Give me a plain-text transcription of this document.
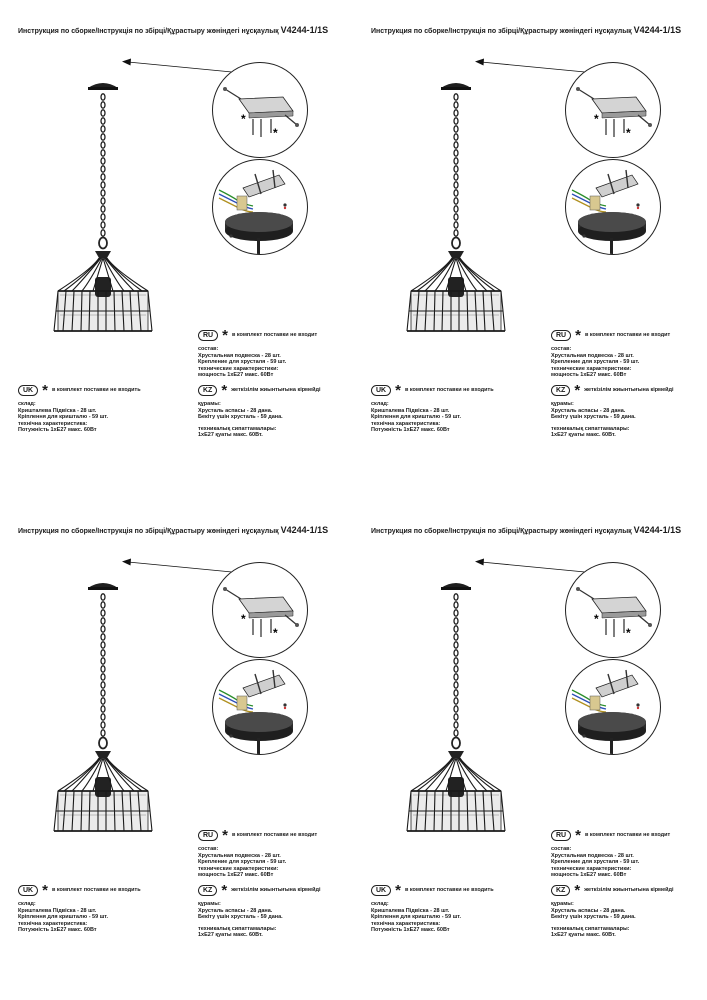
Инструкция по сборке/Інструкція по збірці/Құрастыру жөніндегі нұсқаулық V4244-1/1S
*
*
RU * в комплект поставки не входит
состав:
Хрустальная подвеска - 28 шт.
Крепление для хрусталя - 59 шт.
технические характеристики:
мощность 1xE27 макс. 60Вт
UK * в комплект поставки не входить
склад:
Кришталева Підвіска - 28 шт.
Кріплення для кришталю - 59 шт.
технічна характеристика:
Потужність 1xE27 макс. 60Вт
KZ * жеткізілім жиынтығына кірмейді
құрамы:
Хрусталь аспасы - 28 дана.
Бекіту үшін хрусталь - 59 дана.
техникалық сипаттамалары:
1xE27 қуаты макс. 60Вт.
Инструкция по сборке/Інструкція по збірці/Құрастыру жөніндегі нұсқаулық V4244-1/1S
*
*
RU * в комплект поставки не входит
состав:
Хрустальная подвеска - 28 шт.
Крепление для хрусталя - 59 шт.
технические характеристики:
мощность 1xE27 макс. 60Вт
UK * в комплект поставки не входить
склад:
Кришталева Підвіска - 28 шт.
Кріплення для кришталю - 59 шт.
технічна характеристика:
Потужність 1xE27 макс. 60Вт
KZ * жеткізілім жиынтығына кірмейді
құрамы:
Хрусталь аспасы - 28 дана.
Бекіту үшін хрусталь - 59 дана.
техникалық сипаттамалары:
1xE27 қуаты макс. 60Вт.
Инструкция по сборке/Інструкція по збірці/Құрастыру жөніндегі нұсқаулық V4244-1/1S
*
*
RU * в комплект поставки не входит
состав:
Хрустальная подвеска - 28 шт.
Крепление для хрусталя - 59 шт.
технические характеристики:
мощность 1xE27 макс. 60Вт
UK * в комплект поставки не входить
склад:
Кришталева Підвіска - 28 шт.
Кріплення для кришталю - 59 шт.
технічна характеристика:
Потужність 1xE27 макс. 60Вт
KZ * жеткізілім жиынтығына кірмейді
құрамы:
Хрусталь аспасы - 28 дана.
Бекіту үшін хрусталь - 59 дана.
техникалық сипаттамалары:
1xE27 қуаты макс. 60Вт.
Инструкция по сборке/Інструкція по збірці/Құрастыру жөніндегі нұсқаулық V4244-1/1S
*
*
RU * в комплект поставки не входит
состав:
Хрустальная подвеска - 28 шт.
Крепление для хрусталя - 59 шт.
технические характеристики:
мощность 1xE27 макс. 60Вт
UK * в комплект поставки не входить
склад:
Кришталева Підвіска - 28 шт.
Кріплення для кришталю - 59 шт.
технічна характеристика:
Потужність 1xE27 макс. 60Вт
KZ * жеткізілім жиынтығына кірмейді
құрамы:
Хрусталь аспасы - 28 дана.
Бекіту үшін хрусталь - 59 дана.
техникалық сипаттамалары:
1xE27 қуаты макс. 60Вт.
